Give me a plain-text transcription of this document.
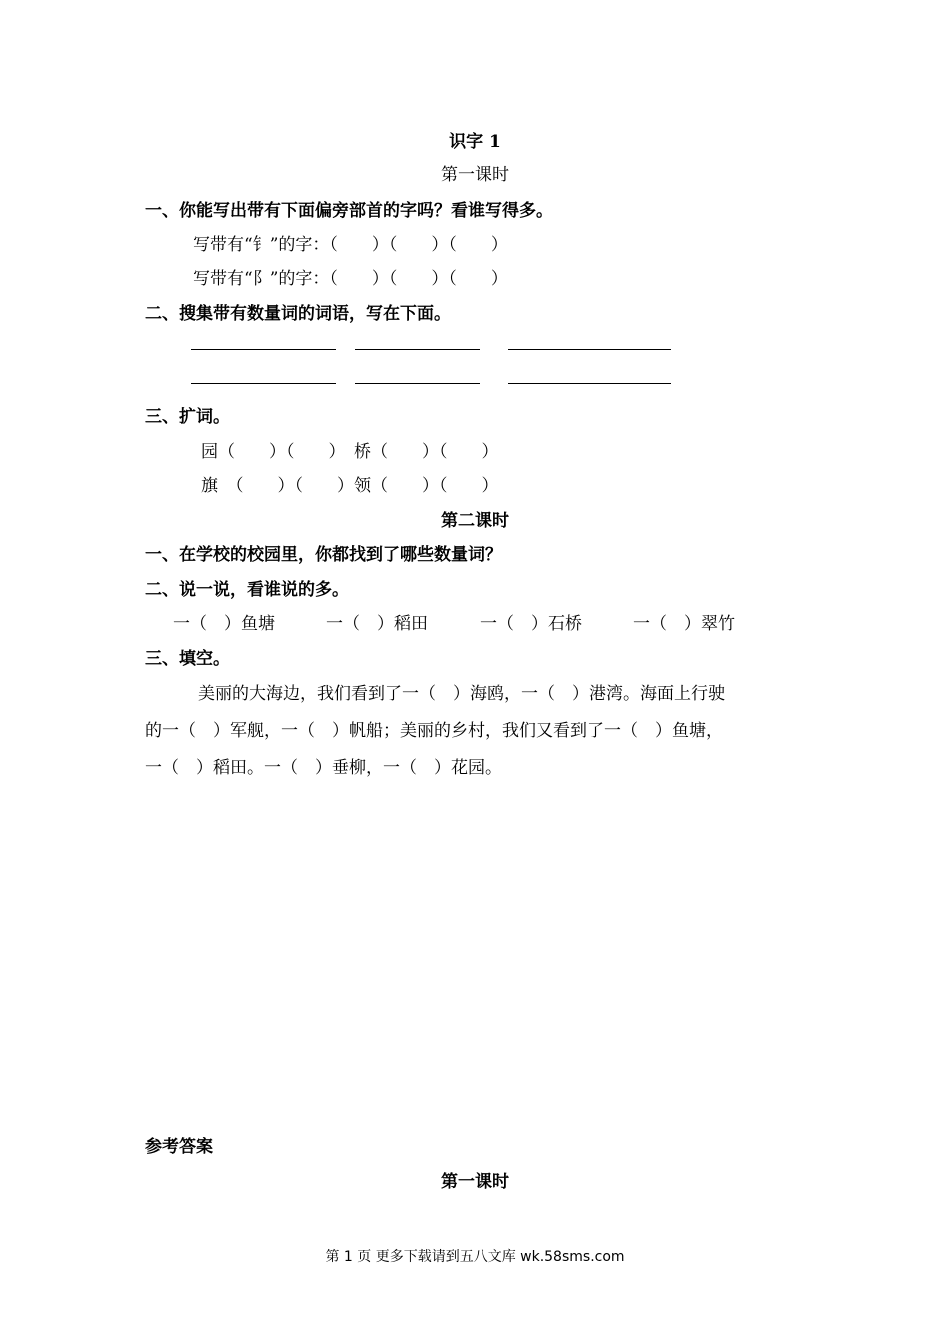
识字 1
第一课时
一、你能写出带有下面偏旁部首的字吗？看谁写得多。
写带有“钅”的字：（　　）（　　）（　　）
写带有“阝”的字：（　　）（　　）（　　）
二、搜集带有数量词的词语，写在下面。
三、扩词。
园（　　）（　　）　桥（　　）（　　）
旗　（　　）（　　）领（　　）（　　）
第二课时
一、在学校的校园里，你都找到了哪些数量词？
二、说一说，看谁说的多。
一（　）鱼塘	一（　）稻田	一（　）石桥	一（　）翠竹
三、填空。
美丽的大海边，我们看到了一（　）海鸥，一（　）港湾。海面上行驶
的一（　）军舰，一（　）帆船；美丽的乡村，我们又看到了一（　）鱼塘，
一（　）稻田。一（　）垂柳，一（　）花园。
参考答案
第一课时
第 1 页 更多下载请到五八文库 wk.58sms.com
